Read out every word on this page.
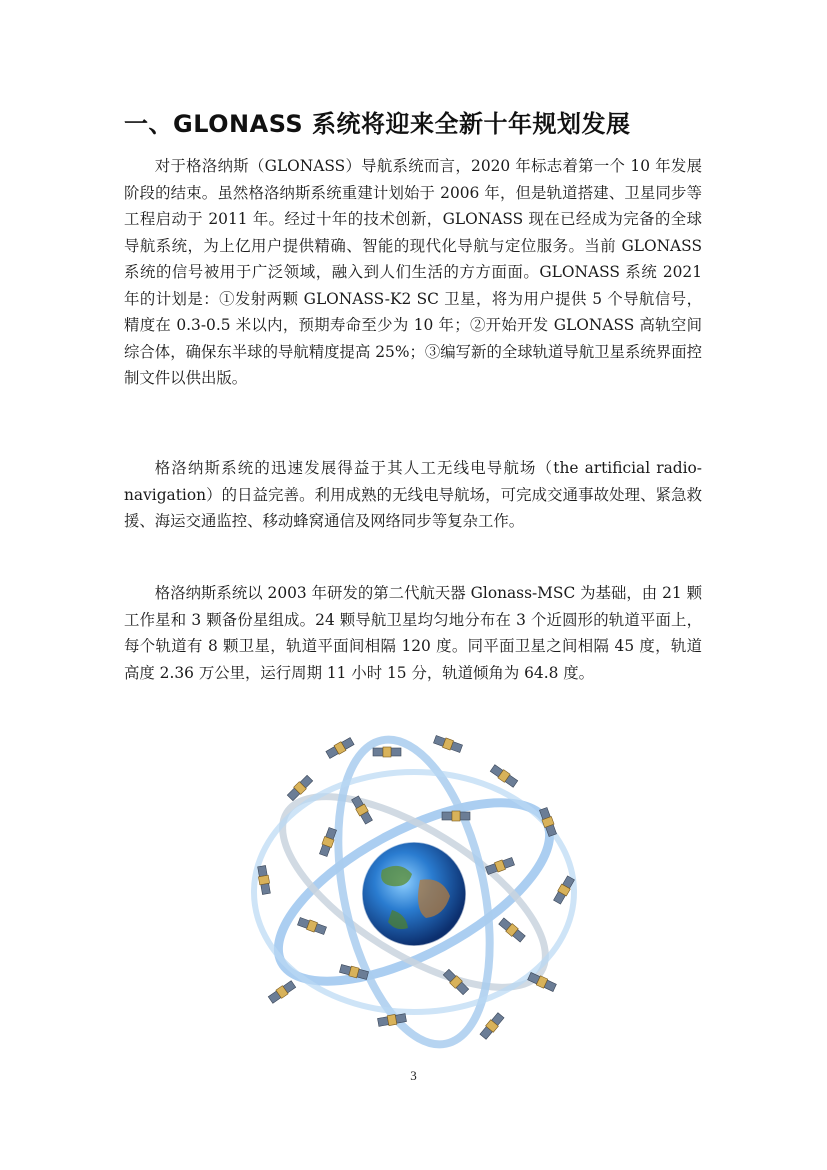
一、GLONASS 系统将迎来全新十年规划发展

对于格洛纳斯（GLONASS）导航系统而言，2020 年标志着第一个 10 年发展阶段的结束。虽然格洛纳斯系统重建计划始于 2006 年，但是轨道搭建、卫星同步等工程启动于 2011 年。经过十年的技术创新，GLONASS 现在已经成为完备的全球导航系统，为上亿用户提供精确、智能的现代化导航与定位服务。当前 GLONASS 系统的信号被用于广泛领域，融入到人们生活的方方面面。GLONASS 系统 2021 年的计划是：①发射两颗 GLONASS-K2 SC 卫星，将为用户提供 5 个导航信号，精度在 0.3-0.5 米以内，预期寿命至少为 10 年；②开始开发 GLONASS 高轨空间综合体，确保东半球的导航精度提高 25%；③编写新的全球轨道导航卫星系统界面控制文件以供出版。

格洛纳斯系统的迅速发展得益于其人工无线电导航场（the artificial radio-navigation）的日益完善。利用成熟的无线电导航场，可完成交通事故处理、紧急救援、海运交通监控、移动蜂窝通信及网络同步等复杂工作。

格洛纳斯系统以 2003 年研发的第二代航天器 Glonass-MSC 为基础，由 21 颗工作星和 3 颗备份星组成。24 颗导航卫星均匀地分布在 3 个近圆形的轨道平面上，每个轨道有 8 颗卫星，轨道平面间相隔 120 度。同平面卫星之间相隔 45 度，轨道高度 2.36 万公里，运行周期 11 小时 15 分，轨道倾角为 64.8 度。

3
